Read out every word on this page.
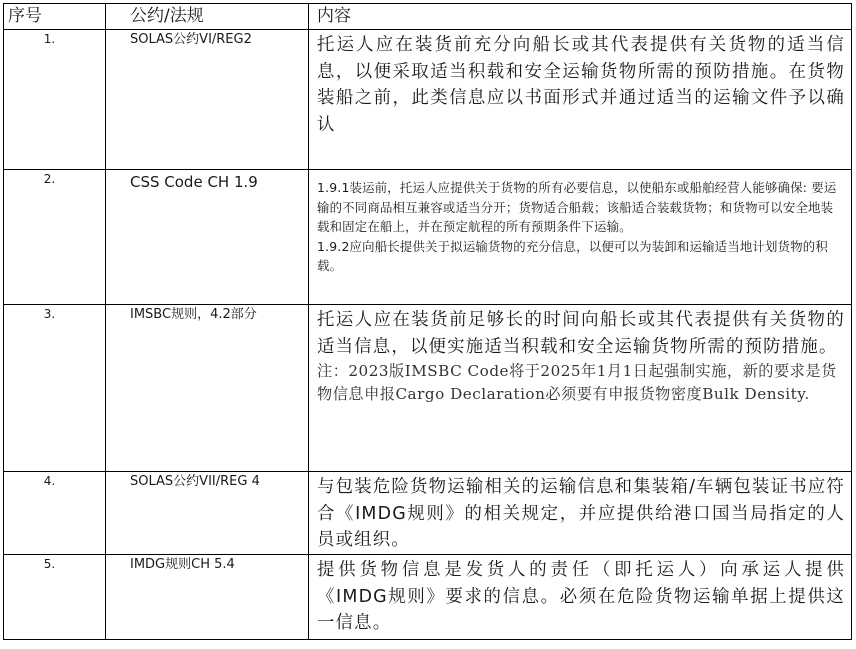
序号	公约/法规	内容
1.	SOLAS公约VI/REG2	托运人应在装货前充分向船长或其代表提供有关货物的适当信息，以便采取适当积载和安全运输货物所需的预防措施。在货物装船之前，此类信息应以书面形式并通过适当的运输文件予以确认

2.	CSS Code CH 1.9	1.9.1装运前，托运人应提供关于货物的所有必要信息，以使船东或船舶经营人能够确保: 要运输的不同商品相互兼容或适当分开；货物适合船载；该船适合装载货物；和货物可以安全地装载和固定在船上，并在预定航程的所有预期条件下运输。

1.9.2应向船长提供关于拟运输货物的充分信息，以便可以为装卸和运输适当地计划货物的积载。

3.	IMSBC规则，4.2部分	托运人应在装货前足够长的时间向船长或其代表提供有关货物的适当信息，以便实施适当积载和安全运输货物所需的预防措施。

注：2023版IMSBC Code将于2025年1月1日起强制实施，新的要求是货物信息申报Cargo Declaration必须要有申报货物密度Bulk Density.

4.	SOLAS公约VII/REG 4	与包装危险货物运输相关的运输信息和集装箱/车辆包装证书应符合《IMDG规则》的相关规定，并应提供给港口国当局指定的人员或组织。

5.	IMDG规则CH 5.4	提供货物信息是发货人的责任（即托运人）向承运人提供《IMDG规则》要求的信息。必须在危险货物运输单据上提供这一信息。
